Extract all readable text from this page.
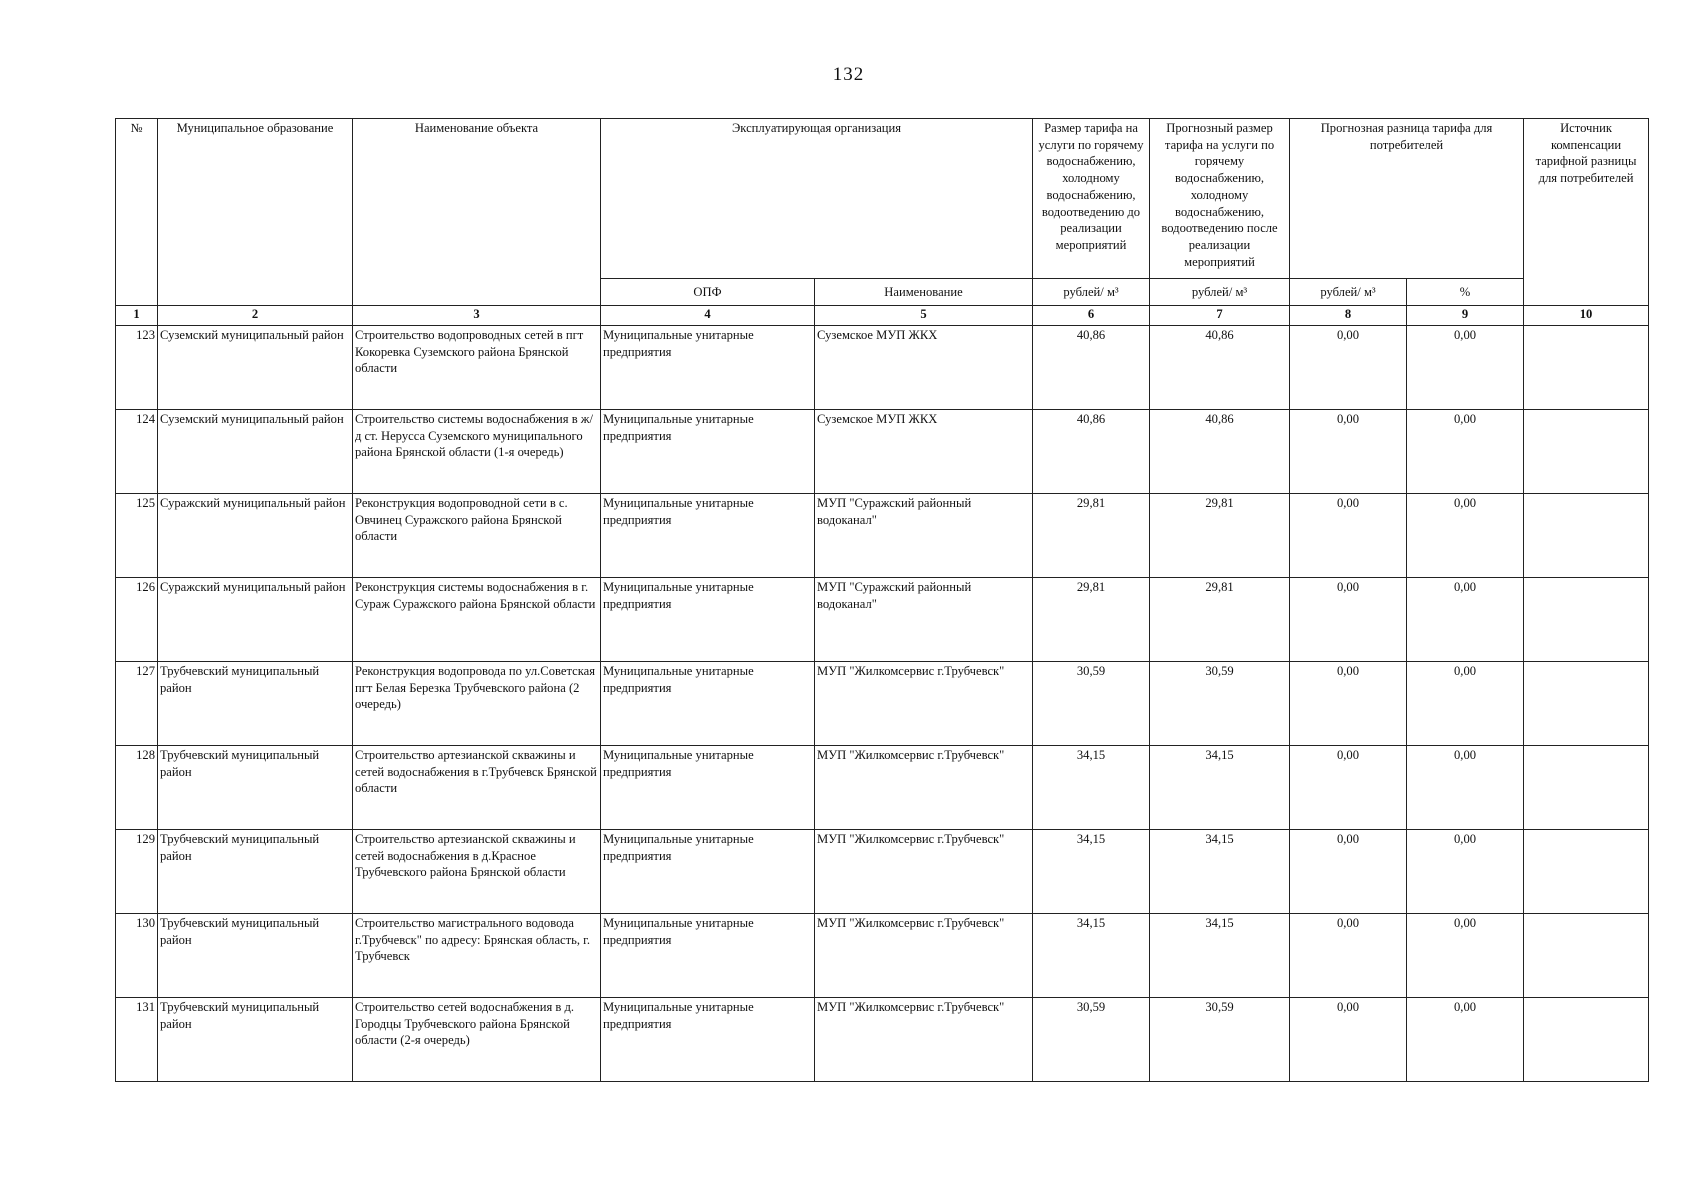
132
№	Муниципальное образование	Наименование объекта	Эксплуатирующая организация		Размер тарифа на услуги по горячему водоснабжению, холодному водоснабжению, водоотведению до реализации мероприятий	Прогнозный размер тарифа на услуги по горячему водоснабжению, холодному водоснабжению, водоотведению после реализации мероприятий	Прогнозная разница тарифа для потребителей		Источник компенсации тарифной разницы для потребителей
			ОПФ	Наименование	рублей/ м³	рублей/ м³	рублей/ м³	%	
1	2	3	4	5	6	7	8	9	10
123	Суземский муниципальный район	Строительство водопроводных сетей в пгт Кокоревка Суземского района Брянской области	Муниципальные унитарные предприятия	Суземское МУП ЖКХ	40,86	40,86	0,00	0,00	
124	Суземский муниципальный район	Строительство системы водоснабжения в ж/д ст. Нерусса Суземского муниципального района Брянской области (1-я очередь)	Муниципальные унитарные предприятия	Суземское МУП ЖКХ	40,86	40,86	0,00	0,00	
125	Суражский муниципальный район	Реконструкция водопроводной сети в с. Овчинец Суражского района Брянской области	Муниципальные унитарные предприятия	МУП "Суражский районный водоканал"	29,81	29,81	0,00	0,00	
126	Суражский муниципальный район	Реконструкция системы водоснабжения в г. Сураж Суражского района Брянской области	Муниципальные унитарные предприятия	МУП "Суражский районный водоканал"	29,81	29,81	0,00	0,00	
127	Трубчевский муниципальный район	Реконструкция водопровода по ул.Советская пгт Белая Березка Трубчевского района (2 очередь)	Муниципальные унитарные предприятия	МУП "Жилкомсервис г.Трубчевск"	30,59	30,59	0,00	0,00	
128	Трубчевский муниципальный район	Строительство артезианской скважины и сетей водоснабжения в г.Трубчевск Брянской области	Муниципальные унитарные предприятия	МУП "Жилкомсервис г.Трубчевск"	34,15	34,15	0,00	0,00	
129	Трубчевский муниципальный район	Строительство артезианской скважины и сетей водоснабжения в д.Красное Трубчевского района Брянской области	Муниципальные унитарные предприятия	МУП "Жилкомсервис г.Трубчевск"	34,15	34,15	0,00	0,00	
130	Трубчевский муниципальный район	Строительство магистрального водовода г.Трубчевск" по адресу: Брянская область, г. Трубчевск	Муниципальные унитарные предприятия	МУП "Жилкомсервис г.Трубчевск"	34,15	34,15	0,00	0,00	
131	Трубчевский муниципальный район	Строительство сетей водоснабжения в д. Городцы Трубчевского района Брянской области (2-я очередь)	Муниципальные унитарные предприятия	МУП "Жилкомсервис г.Трубчевск"	30,59	30,59	0,00	0,00	
